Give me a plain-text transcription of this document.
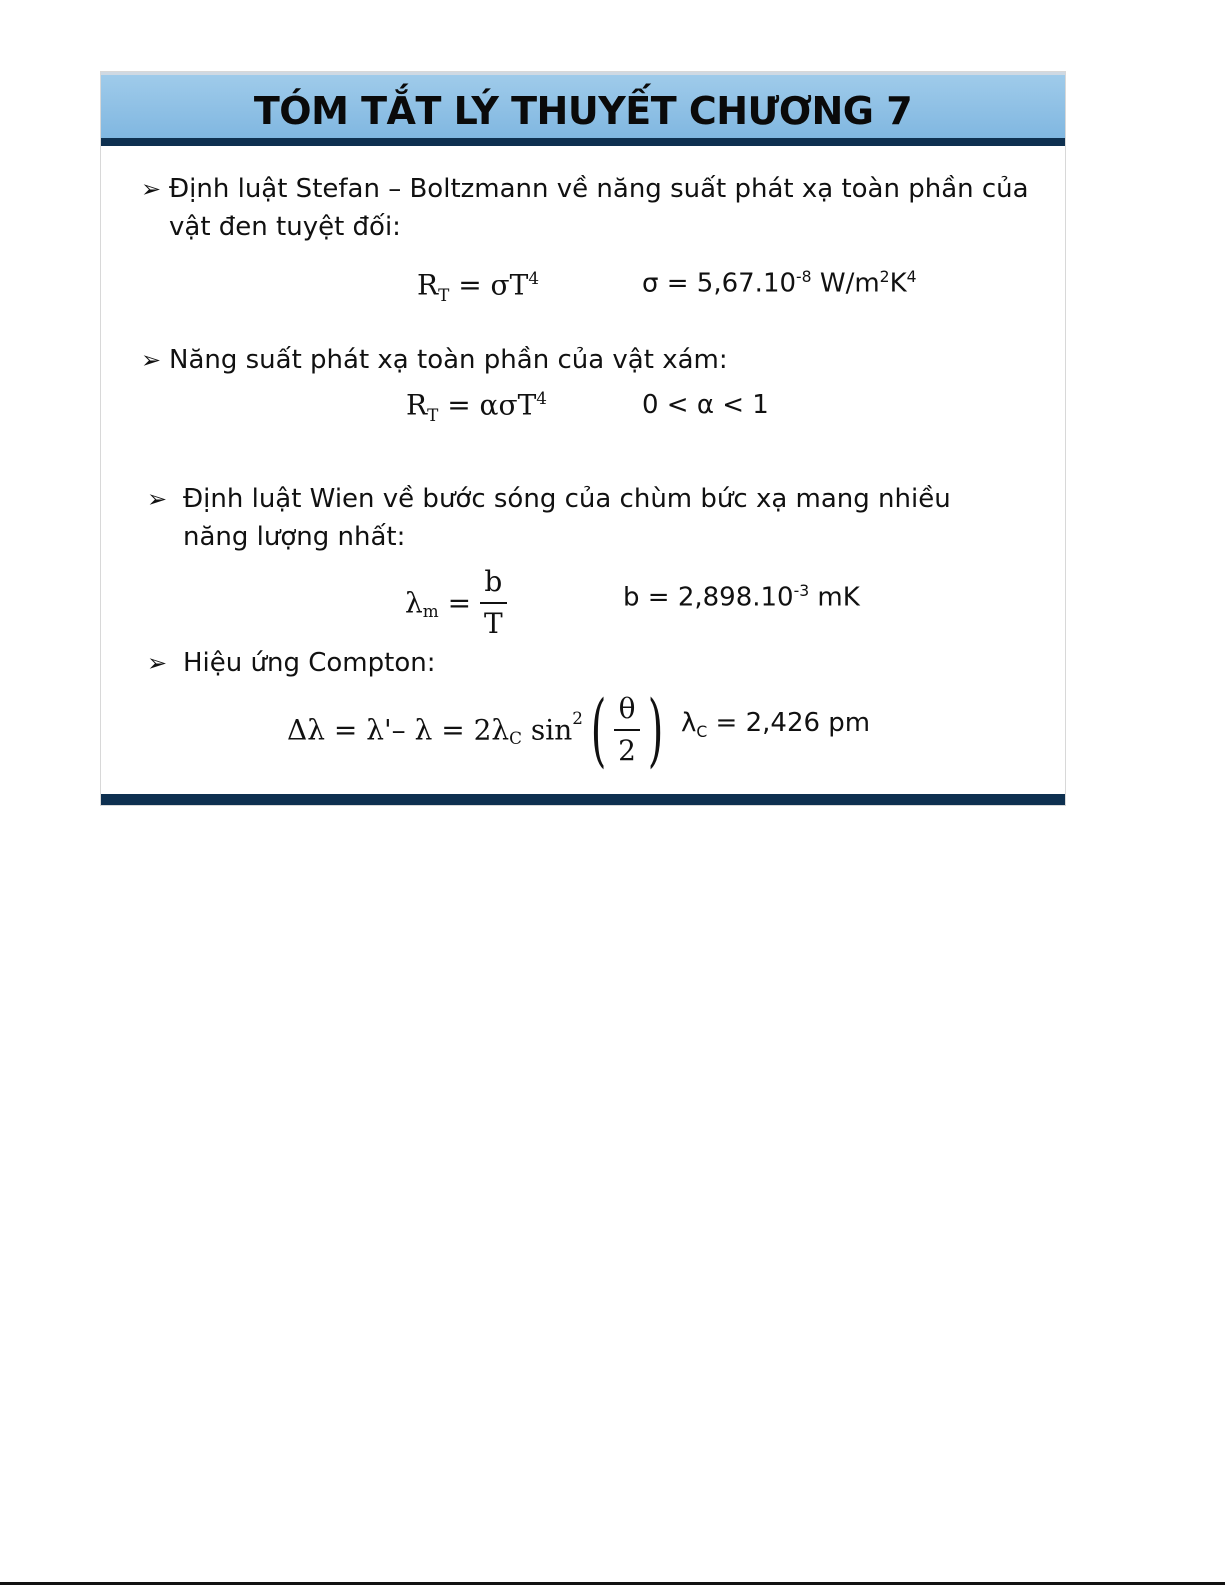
TÓM TẮT LÝ THUYẾT CHƯƠNG 7
➢ Định luật Stefan – Boltzmann về năng suất phát xạ toàn phần của
vật đen tuyệt đối:
$R_T = \sigma T^4$	$\sigma = 5,67.10^{-8}$ $W/m^2K^4$
➢ Năng suất phát xạ toàn phần của vật xám:
$R_T = \alpha\sigma T^4$	0 < α < 1
➢ Định luật Wien về bước sóng của chùm bức xạ mang nhiều
năng lượng nhất:
$\lambda_m = \frac{b}{T}$	$b = 2,898.10^{-3}$ mK
➢ Hiệu ứng Compton:
Δλ = λ'– $\lambda = 2\lambda_C$ $\sin^2( \frac{\theta}{2}$ ) $\lambda_C = 2,426$ pm
